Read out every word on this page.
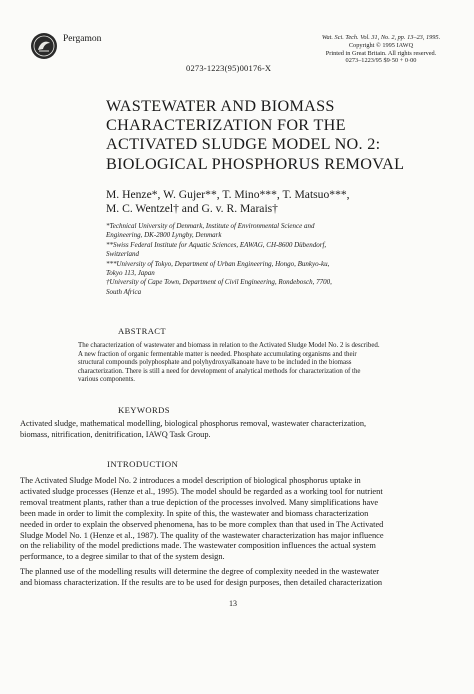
Pergamon
0273-1223(95)00176-X
Wat. Sci. Tech. Vol. 31, No. 2, pp. 13–23, 1995.
Copyright © 1995 IAWQ
Printed in Great Britain. All rights reserved.
0273–1223/95 $9·50 + 0·00
WASTEWATER AND BIOMASS
CHARACTERIZATION FOR THE
ACTIVATED SLUDGE MODEL NO. 2:
BIOLOGICAL PHOSPHORUS REMOVAL
M. Henze*, W. Gujer**, T. Mino***, T. Matsuo***,
M. C. Wentzel† and G. v. R. Marais†
*Technical University of Denmark, Institute of Environmental Science and
Engineering, DK-2800 Lyngby, Denmark
**Swiss Federal Institute for Aquatic Sciences, EAWAG, CH-8600 Dübendorf,
Switzerland
***University of Tokyo, Department of Urban Engineering, Hongo, Bunkyo-ku,
Tokyo 113, Japan
†University of Cape Town, Department of Civil Engineering, Rondebosch, 7700,
South Africa
ABSTRACT
The characterization of wastewater and biomass in relation to the Activated Sludge Model No. 2 is described.
A new fraction of organic fermentable matter is needed. Phosphate accumulating organisms and their
structural compounds polyphosphate and polyhydroxyalkanoate have to be included in the biomass
characterization. There is still a need for development of analytical methods for characterization of the
various components.
KEYWORDS
Activated sludge, mathematical modelling, biological phosphorus removal, wastewater characterization,
biomass, nitrification, denitrification, IAWQ Task Group.
INTRODUCTION
The Activated Sludge Model No. 2 introduces a model description of biological phosphorus uptake in
activated sludge processes (Henze et al., 1995). The model should be regarded as a working tool for nutrient
removal treatment plants, rather than a true depiction of the processes involved. Many simplifications have
been made in order to limit the complexity. In spite of this, the wastewater and biomass characterization
needed in order to explain the observed phenomena, has to be more complex than that used in The Activated
Sludge Model No. 1 (Henze et al., 1987). The quality of the wastewater characterization has major influence
on the reliability of the model predictions made. The wastewater composition influences the actual system
performance, to a degree similar to that of the system design.
The planned use of the modelling results will determine the degree of complexity needed in the wastewater
and biomass characterization. If the results are to be used for design purposes, then detailed characterization
13
